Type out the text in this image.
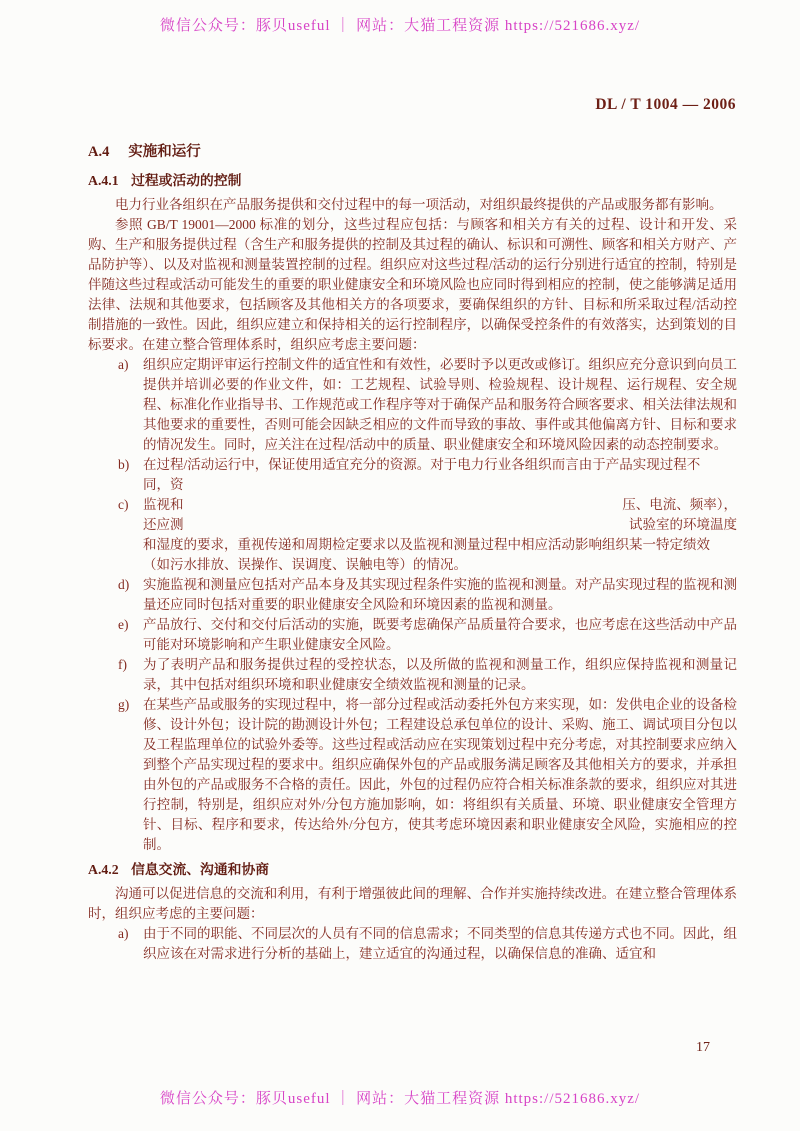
微信公众号：豚贝useful ｜ 网站：大猫工程资源 https://521686.xyz/
DL / T 1004 — 2006
A.4 实施和运行
A.4.1 过程或活动的控制

电力行业各组织在产品服务提供和交付过程中的每一项活动，对组织最终提供的产品或服务都有影响。

参照 GB/T 19001—2000 标准的划分，这些过程应包括：与顾客和相关方有关的过程、设计和开发、采购、生产和服务提供过程（含生产和服务提供的控制及其过程的确认、标识和可溯性、顾客和相关方财产、产品防护等）、以及对监视和测量装置控制的过程。组织应对这些过程/活动的运行分别进行适宜的控制，特别是伴随这些过程或活动可能发生的重要的职业健康安全和环境风险也应同时得到相应的控制，使之能够满足适用法律、法规和其他要求，包括顾客及其他相关方的各项要求，要确保组织的方针、目标和所采取过程/活动控制措施的一致性。因此，组织应建立和保持相关的运行控制程序，以确保受控条件的有效落实，达到策划的目标要求。在建立整合管理体系时，组织应考虑主要问题：

a)	组织应定期评审运行控制文件的适宜性和有效性，必要时予以更改或修订。组织应充分意识到向员工提供并培训必要的作业文件，如：工艺规程、试验导则、检验规程、设计规程、运行规程、安全规程、标准化作业指导书、工作规范或工作程序等对于确保产品和服务符合顾客要求、相关法律法规和其他要求的重要性，否则可能会因缺乏相应的文件而导致的事故、事件或其他偏离方针、目标和要求的情况发生。同时，应关注在过程/活动中的质量、职业健康安全和环境风险因素的动态控制要求。
b)	在过程/活动运行中，保证使用适宜充分的资源。对于电力行业各组织而言由于产品实现过程不
同，资
c)	监视和	压、电流、频率），
还应测	试验室的环境温度
和湿度的要求，重视传递和周期检定要求以及监视和测量过程中相应活动影响组织某一特定绩效
（如污水排放、误操作、误调度、误触电等）的情况。
d)	实施监视和测量应包括对产品本身及其实现过程条件实施的监视和测量。对产品实现过程的监视和测量还应同时包括对重要的职业健康安全风险和环境因素的监视和测量。
e)	产品放行、交付和交付后活动的实施，既要考虑确保产品质量符合要求，也应考虑在这些活动中产品可能对环境影响和产生职业健康安全风险。
f)	为了表明产品和服务提供过程的受控状态，以及所做的监视和测量工作，组织应保持监视和测量记录，其中包括对组织环境和职业健康安全绩效监视和测量的记录。
g)	在某些产品或服务的实现过程中，将一部分过程或活动委托外包方来实现，如：发供电企业的设备检修、设计外包；设计院的勘测设计外包；工程建设总承包单位的设计、采购、施工、调试项目分包以及工程监理单位的试验外委等。这些过程或活动应在实现策划过程中充分考虑，对其控制要求应纳入到整个产品实现过程的要求中。组织应确保外包的产品或服务满足顾客及其他相关方的要求，并承担由外包的产品或服务不合格的责任。因此，外包的过程仍应符合相关标准条款的要求，组织应对其进行控制，特别是，组织应对外/分包方施加影响，如：将组织有关质量、环境、职业健康安全管理方针、目标、程序和要求，传达给外/分包方，使其考虑环境因素和职业健康安全风险，实施相应的控制。
A.4.2 信息交流、沟通和协商

沟通可以促进信息的交流和利用，有利于增强彼此间的理解、合作并实施持续改进。在建立整合管理体系时，组织应考虑的主要问题：

a)	由于不同的职能、不同层次的人员有不同的信息需求；不同类型的信息其传递方式也不同。因此，组织应该在对需求进行分析的基础上，建立适宜的沟通过程，以确保信息的准确、适宜和
17
微信公众号：豚贝useful ｜ 网站：大猫工程资源 https://521686.xyz/
